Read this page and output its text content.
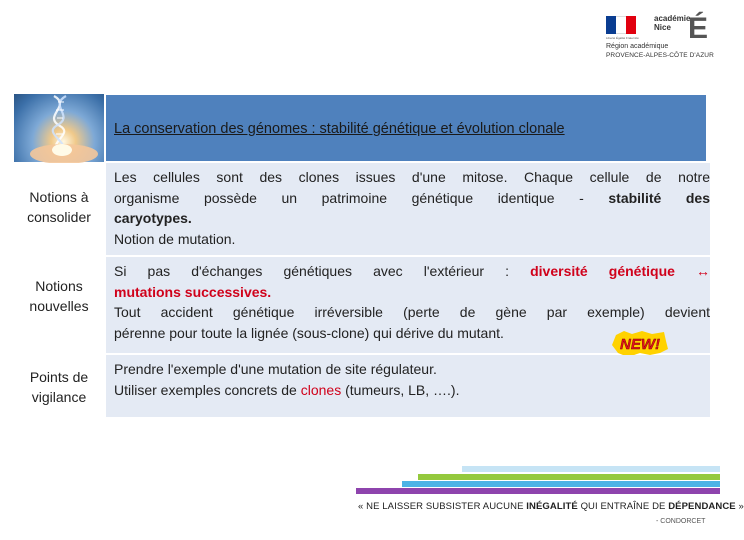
Liberté Égalité Fraternité
académie
Nice É
Région académique
PROVENCE-ALPES-CÔTE D'AZUR
La conservation des génomes : stabilité génétique et évolution clonale
Notions à
consolider

Les cellules sont des clones issues d'une mitose. Chaque cellule de notre

organisme possède un patrimoine génétique identique - stabilité des

caryotypes.

Notion de mutation.

Notions
nouvelles

Si pas d'échanges génétiques avec l'extérieur : diversité génétique ↔

mutations successives.

Tout accident génétique irréversible (perte de gène par exemple) devient

pérenne pour toute la lignée (sous-clone) qui dérive du mutant.

NEW!
Points de
vigilance

Prendre l'exemple d'une mutation de site régulateur.

Utiliser exemples concrets de clones (tumeurs, LB, ….).

« NE LAISSER SUBSISTER AUCUNE INÉGALITÉ QUI ENTRAÎNE DE DÉPENDANCE »
- CONDORCET
